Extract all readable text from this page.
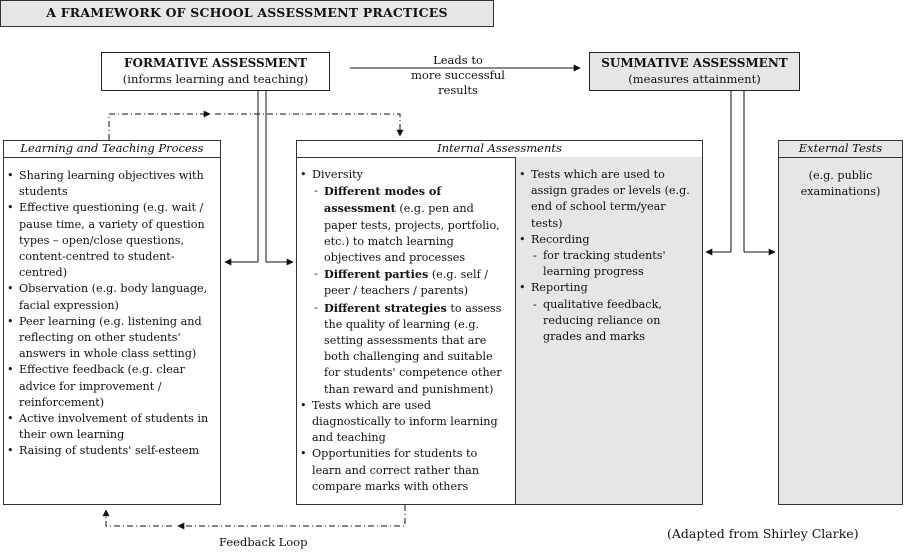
A FRAMEWORK OF SCHOOL ASSESSMENT PRACTICES
FORMATIVE ASSESSMENT
(informs learning and teaching)
Leads to
more successful results
SUMMATIVE ASSESSMENT
(measures attainment)
Learning and Teaching Process
• Sharing learning objectives with students
• Effective questioning (e.g. wait / pause time, a variety of question types – open/close questions, content-centred to student-centred)
• Observation (e.g. body language, facial expression)
• Peer learning (e.g. listening and reflecting on other students' answers in whole class setting)
• Effective feedback (e.g. clear advice for improvement / reinforcement)
• Active involvement of students in their own learning
• Raising of students' self-esteem
Internal Assessments
• Diversity
- Different modes of assessment (e.g. pen and paper tests, projects, portfolio, etc.) to match learning objectives and processes
- Different parties (e.g. self / peer / teachers / parents)
- Different strategies to assess the quality of learning (e.g. setting assessments that are both challenging and suitable for students' competence other than reward and punishment)
• Tests which are used diagnostically to inform learning and teaching
• Opportunities for students to learn and correct rather than compare marks with others
• Tests which are used to assign grades or levels (e.g. end of school term/year tests)
• Recording
- for tracking students' learning progress
• Reporting
- qualitative feedback, reducing reliance on grades and marks
External Tests
(e.g. public examinations)
Feedback Loop
(Adapted from Shirley Clarke)
